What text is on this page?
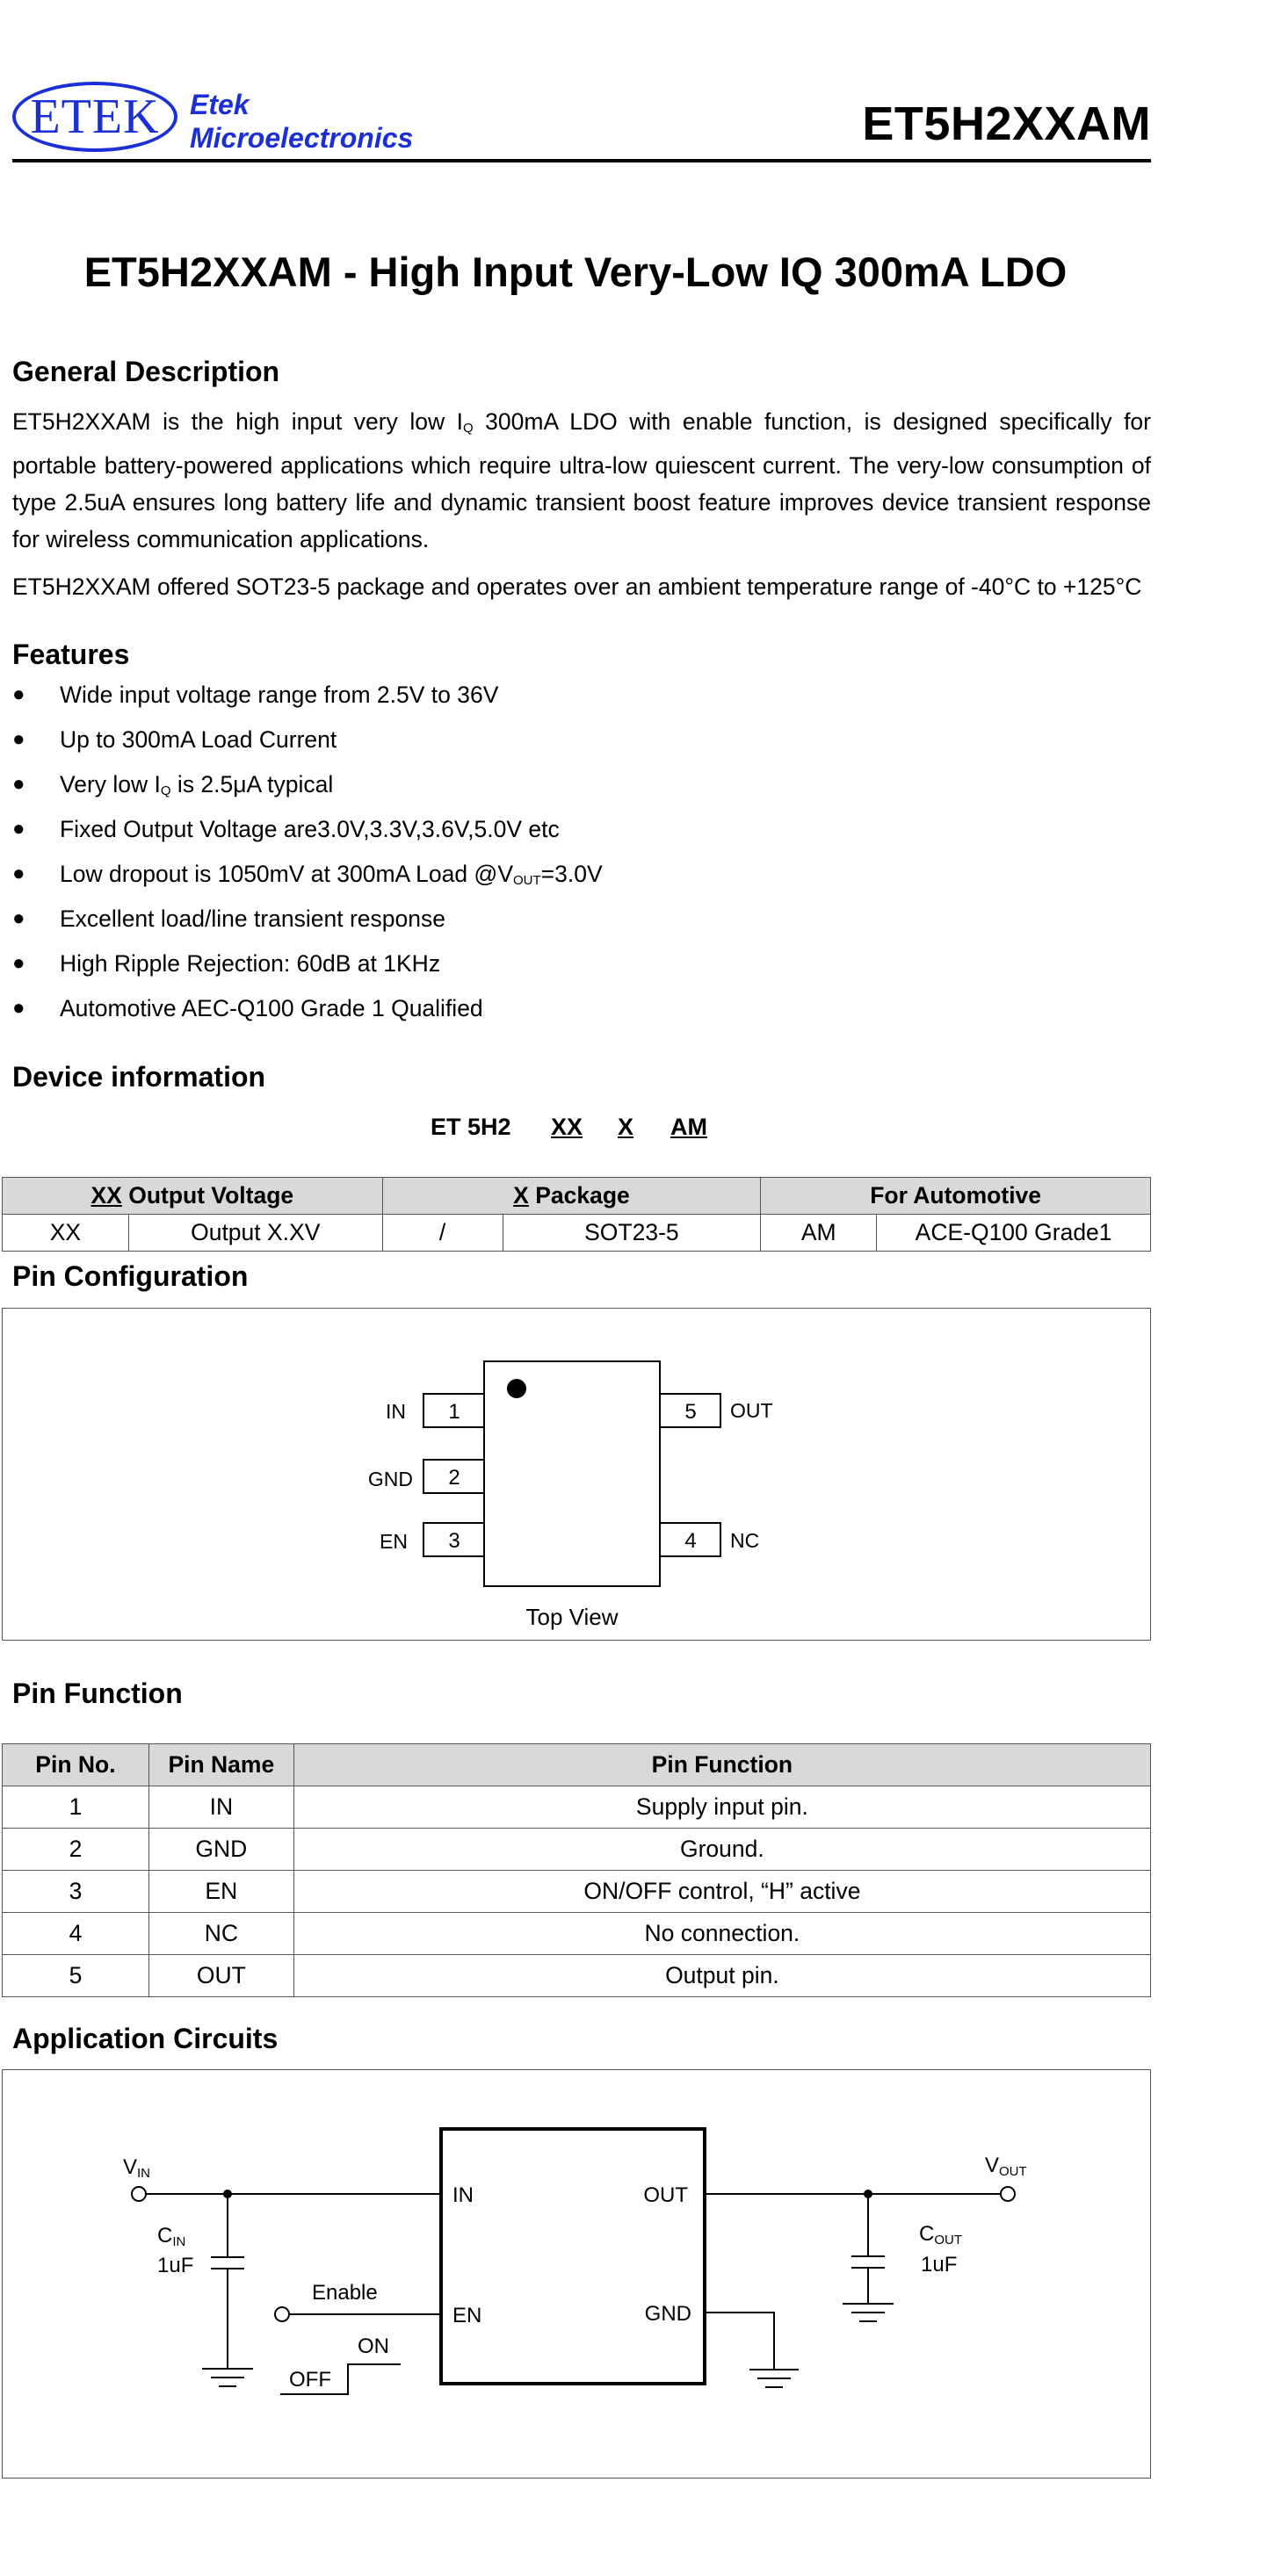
ETEK Etek
Microelectronics	ET5H2XXAM
ET5H2XXAM - High Input Very-Low IQ 300mA LDO
General Description
ET5H2XXAM is the high input very low $I_Q$ 300mA LDO with enable function, is designed specifically for portable battery-powered applications which require ultra-low quiescent current. The very-low consumption of type 2.5uA ensures long battery life and dynamic transient boost feature improves device transient response for wireless communication applications.
ET5H2XXAM offered SOT23-5 package and operates over an ambient temperature range of -40°C to +125°C
Features
● Wide input voltage range from 2.5V to 36V
● Up to 300mA Load Current
● Very low $I_Q$ is 2.5μA typical
● Fixed Output Voltage are3.0V,3.3V,3.6V,5.0V etc
● Low dropout is 1050mV at 300mA Load $@V_{OUT}=3.0V$
● Excellent load/line transient response
● High Ripple Rejection: 60dB at 1KHz
● Automotive AEC-Q100 Grade 1 Qualified
Device information
ET 5H2 XX X AM
XX Output Voltage		X Package		For Automotive	
XX	Output X.XV	/	SOT23-5	AM	ACE-Q100 Grade1
Pin Configuration
1
2
3
5
4
IN
GND
EN
OUT
NC
Top View
Pin Function
Pin No.	Pin Name	Pin Function
1	IN	Supply input pin.
2	GND	Ground.
3	EN	ON/OFF control, “H” active
4	NC	No connection.
5	OUT	Output pin.
Application Circuits
IN
EN
OUT
GND
VIN	VOUT
CIN
1uF
COUT
1uF
Enable
ON
OFF
